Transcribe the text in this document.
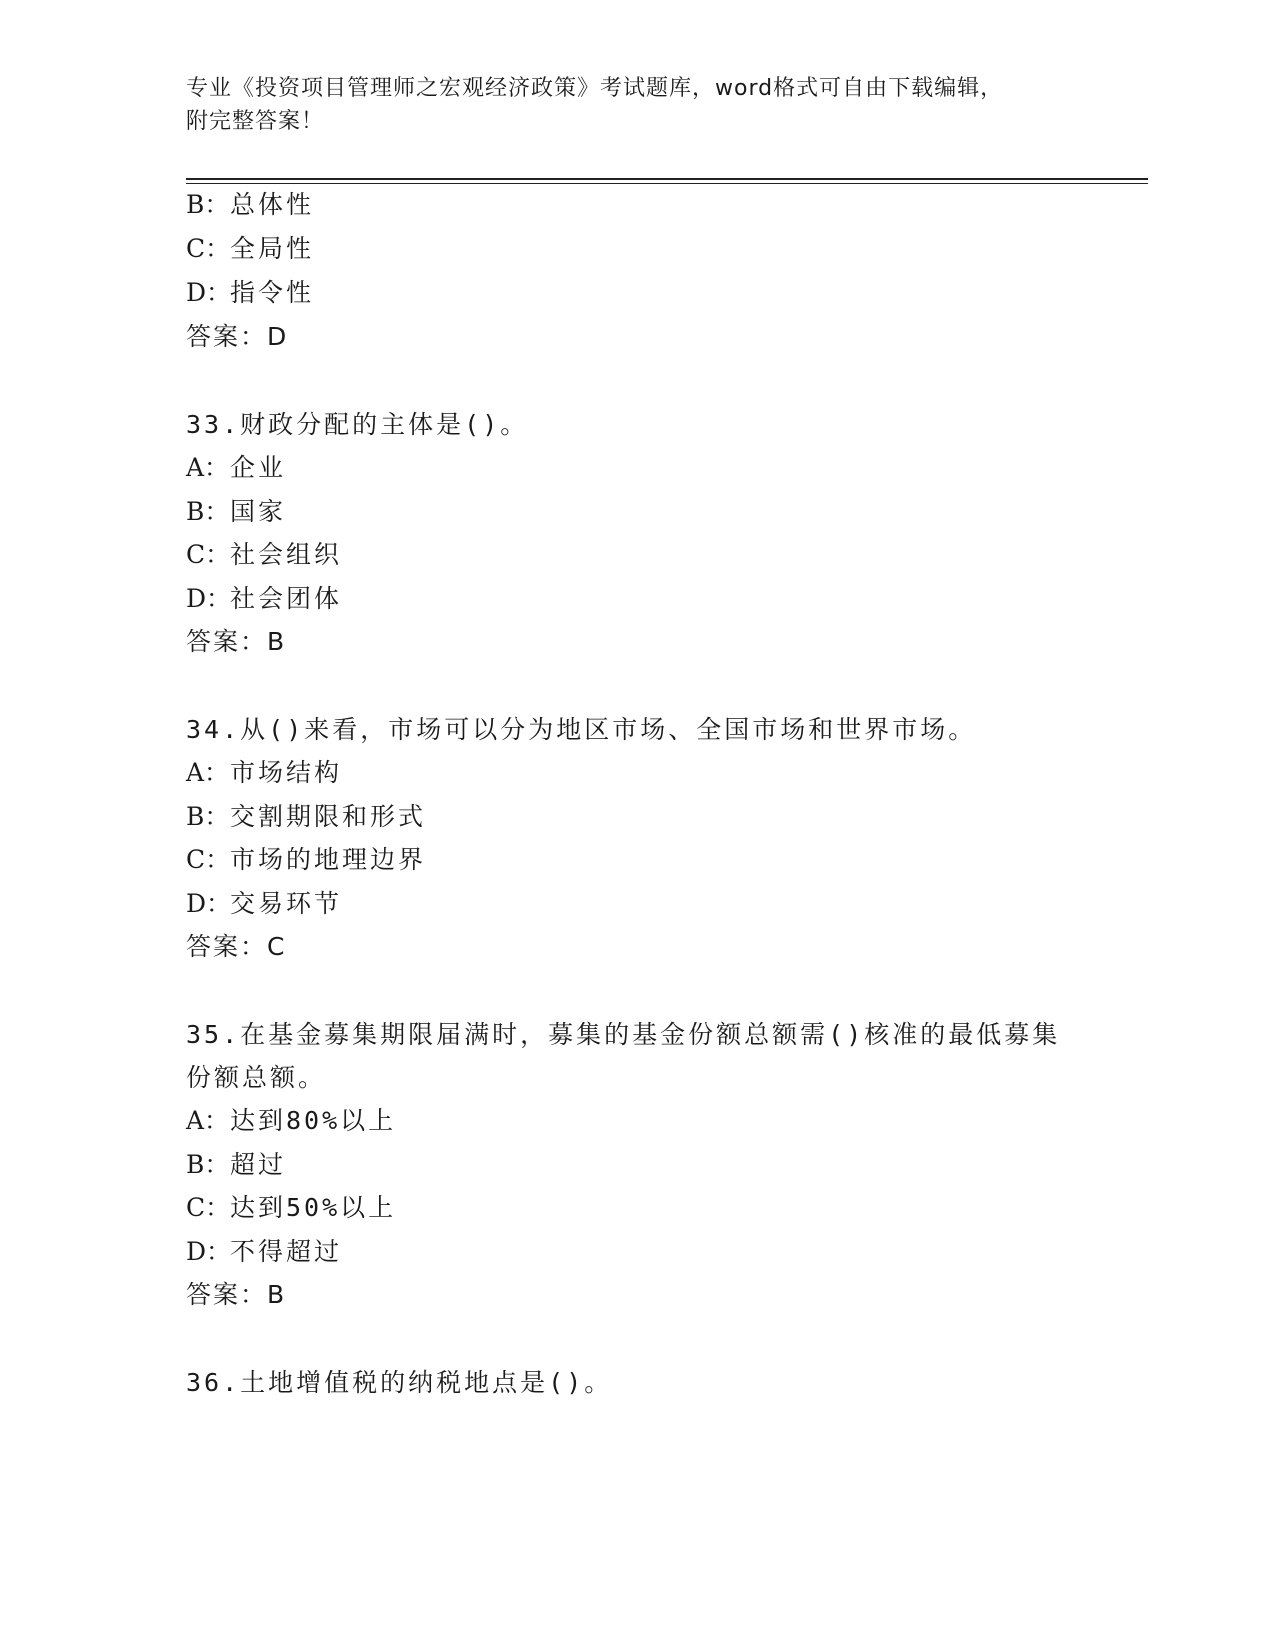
专业《投资项目管理师之宏观经济政策》考试题库，word格式可自由下载编辑，
附完整答案！
B：总体性
C：全局性
D：指令性
答案：D
33.财政分配的主体是()。
A：企业
B：国家
C：社会组织
D：社会团体
答案：B
34.从()来看，市场可以分为地区市场、全国市场和世界市场。
A：市场结构
B：交割期限和形式
C：市场的地理边界
D：交易环节
答案：C
35.在基金募集期限届满时，募集的基金份额总额需()核准的最低募集
份额总额。
A：达到80%以上
B：超过
C：达到50%以上
D：不得超过
答案：B
36.土地增值税的纳税地点是()。
